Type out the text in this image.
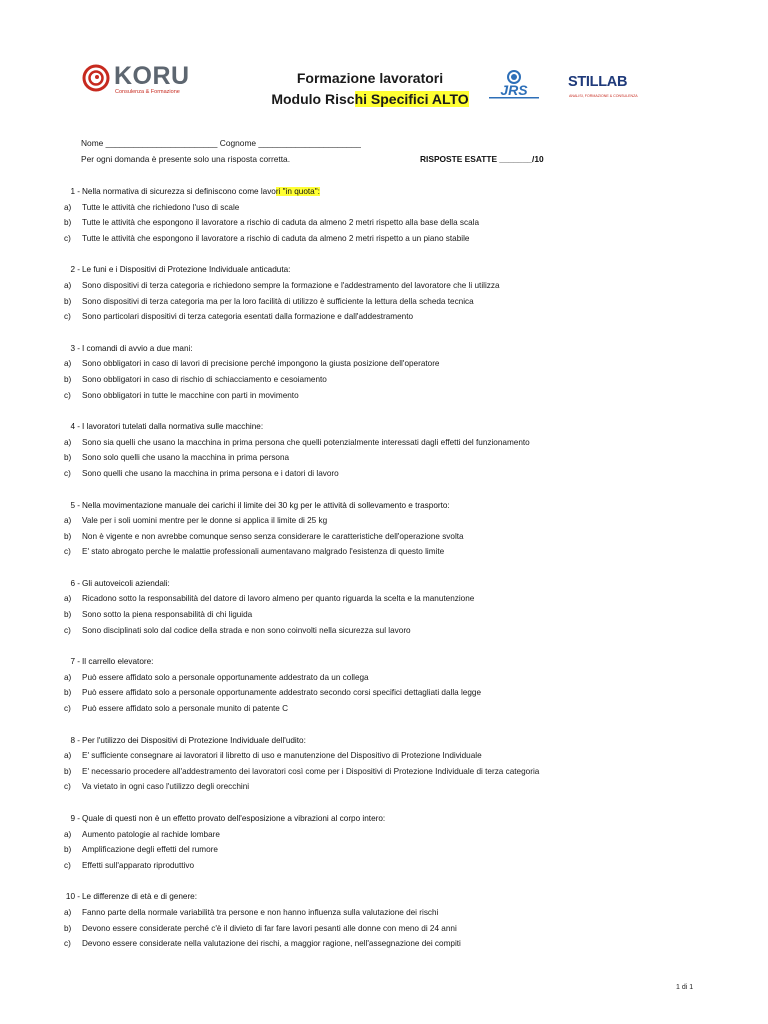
KORU
Consulenza & Formazione
Formazione lavoratori
Modulo Rischi Specifici ALTO
JRS	STILLAB
ANALISI, FORMAZIONE & CONSULENZA
Nome ________________________ Cognome ______________________
Per ogni domanda è presente solo una risposta corretta.	RISPOSTE ESATTE _______/10
1 - Nella normativa di sicurezza si definiscono come lavori "in quota":
a) Tutte le attività che richiedono l'uso di scale
b) Tutte le attività che espongono il lavoratore a rischio di caduta da almeno 2 metri rispetto alla base della scala
c) Tutte le attività che espongono il lavoratore a rischio di caduta da almeno 2 metri rispetto a un piano stabile
2 - Le funi e i Dispositivi di Protezione Individuale anticaduta:
a) Sono dispositivi di terza categoria e richiedono sempre la formazione e l'addestramento del lavoratore che li utilizza
b) Sono dispositivi di terza categoria ma per la loro facilità di utilizzo è sufficiente la lettura della scheda tecnica
c) Sono particolari dispositivi di terza categoria esentati dalla formazione e dall'addestramento
3 - I comandi di avvio a due mani:
a) Sono obbligatori in caso di lavori di precisione perché impongono la giusta posizione dell'operatore
b) Sono obbligatori in caso di rischio di schiacciamento e cesoiamento
c) Sono obbligatori in tutte le macchine con parti in movimento
4 - I lavoratori tutelati dalla normativa sulle macchine:
a) Sono sia quelli che usano la macchina in prima persona che quelli potenzialmente interessati dagli effetti del funzionamento
b) Sono solo quelli che usano la macchina in prima persona
c) Sono quelli che usano la macchina in prima persona e i datori di lavoro
5 - Nella movimentazione manuale dei carichi il limite dei 30 kg per le attività di sollevamento e trasporto:
a) Vale per i soli uomini mentre per le donne si applica il limite di 25 kg
b) Non è vigente e non avrebbe comunque senso senza considerare le caratteristiche dell'operazione svolta
c) E' stato abrogato perche le malattie professionali aumentavano malgrado l'esistenza di questo limite
6 - Gli autoveicoli aziendali:
a) Ricadono sotto la responsabilità del datore di lavoro almeno per quanto riguarda la scelta e la manutenzione
b) Sono sotto la piena responsabilità di chi liguida
c) Sono disciplinati solo dal codice della strada e non sono coinvolti nella sicurezza sul lavoro
7 - Il carrello elevatore:
a) Può essere affidato solo a personale opportunamente addestrato da un collega
b) Può essere affidato solo a personale opportunamente addestrato secondo corsi specifici dettagliati dalla legge
c) Può essere affidato solo a personale munito di patente C
8 - Per l'utilizzo dei Dispositivi di Protezione Individuale dell'udito:
a) E' sufficiente consegnare ai lavoratori il libretto di uso e manutenzione del Dispositivo di Protezione Individuale
b) E' necessario procedere all'addestramento dei lavoratori così come per i Dispositivi di Protezione Individuale di terza categoria
c) Va vietato in ogni caso l'utilizzo degli orecchini
9 - Quale di questi non è un effetto provato dell'esposizione a vibrazioni al corpo intero:
a) Aumento patologie al rachide lombare
b) Amplificazione degli effetti del rumore
c) Effetti sull'apparato riproduttivo
10 - Le differenze di età e di genere:
a) Fanno parte della normale variabilità tra persone e non hanno influenza sulla valutazione dei rischi
b) Devono essere considerate perché c'è il divieto di far fare lavori pesanti alle donne con meno di 24 anni
c) Devono essere considerate nella valutazione dei rischi, a maggior ragione, nell'assegnazione dei compiti
1 di 1
